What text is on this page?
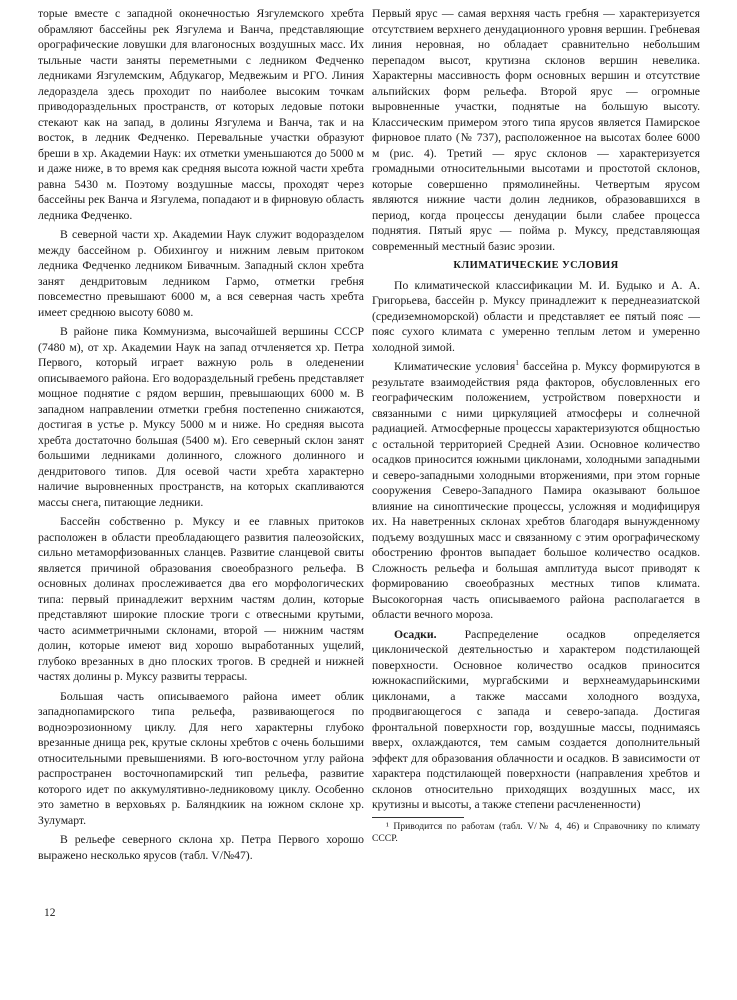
торые вместе с западной оконечностью Язгулемского хребта обрамляют бассейны рек Язгулема и Ванча, представляющие орографические ловушки для влагоносных воздушных масс. Их тыльные части заняты переметными с ледником Федченко ледниками Язгулемским, Абдукагор, Медвежьим и РГО. Линия ледораздела здесь проходит по наиболее высоким точкам приводораздельных пространств, от которых ледовые потоки стекают как на запад, в долины Язгулема и Ванча, так и на восток, в ледник Федченко. Перевальные участки образуют бреши в хр. Академии Наук: их отметки уменьшаются до 5000 м и даже ниже, в то время как средняя высота южной части хребта равна 5430 м. Поэтому воздушные массы, проходят через бассейны рек Ванча и Язгулема, попадают и в фирновую область ледника Федченко.

В северной части хр. Академии Наук служит водоразделом между бассейном р. Обихингоу и нижним левым притоком ледника Федченко ледником Бивачным. Западный склон хребта занят дендритовым ледником Гармо, отметки гребня повсеместно превышают 6000 м, а вся северная часть хребта имеет среднюю высоту 6080 м.

В районе пика Коммунизма, высочайшей вершины СССР (7480 м), от хр. Академии Наук на запад отчленяется хр. Петра Первого, который играет важную роль в оледенении описываемого района. Его водораздельный гребень представляет мощное поднятие с рядом вершин, превышающих 6000 м. В западном направлении отметки гребня постепенно снижаются, достигая в устье р. Муксу 5000 м и ниже. Но средняя высота хребта достаточно большая (5400 м). Его северный склон занят большими ледниками долинного, сложного долинного и дендритового типов. Для осевой части хребта характерно наличие выровненных пространств, на которых скапливаются массы снега, питающие ледники.

Бассейн собственно р. Муксу и ее главных притоков расположен в области преобладающего развития палеозойских, сильно метаморфизованных сланцев. Развитие сланцевой свиты является причиной образования своеобразного рельефа. В основных долинах прослеживается два его морфологических типа: первый принадлежит верхним частям долин, которые представляют широкие плоские троги с отвесными крутыми, часто асимметричными склонами, второй — нижним частям долин, которые имеют вид хорошо выработанных ущелий, глубоко врезанных в дно плоских трогов. В средней и нижней частях долины р. Муксу развиты террасы.

Большая часть описываемого района имеет облик западнопамирского типа рельефа, развивающегося по водноэрозионному циклу. Для него характерны глубоко врезанные днища рек, крутые склоны хребтов с очень большими относительными превышениями. В юго-восточном углу района распространен восточнопамирский тип рельефа, развитие которого идет по аккумулятивно-ледниковому циклу. Особенно это заметно в верховьях р. Баляндкиик на южном склоне хр. Зулумарт.

В рельефе северного склона хр. Петра Первого хорошо выражено несколько ярусов (табл. V/№47).

Первый ярус — самая верхняя часть гребня — характеризуется отсутствием верхнего денудационного уровня вершин. Гребневая линия неровная, но обладает сравнительно небольшим перепадом высот, крутизна склонов вершин невелика. Характерны массивность форм основных вершин и отсутствие альпийских форм рельефа. Второй ярус — огромные выровненные участки, поднятые на большую высоту. Классическим примером этого типа ярусов является Памирское фирновое плато (№ 737), расположенное на высотах более 6000 м (рис. 4). Третий — ярус склонов — характеризуется громадными относительными высотами и простотой склонов, которые совершенно прямолинейны. Четвертым ярусом являются нижние части долин ледников, образовавшихся в период, когда процессы денудации были слабее процесса поднятия. Пятый ярус — пойма р. Муксу, представляющая современный местный базис эрозии.

КЛИМАТИЧЕСКИЕ УСЛОВИЯ

По климатической классификации М. И. Будыко и А. А. Григорьева, бассейн р. Муксу принадлежит к переднеазиатской (средиземноморской) области и представляет ее пятый пояс — пояс сухого климата с умеренно теплым летом и умеренно холодной зимой.

Климатические условия$^1$ бассейна р. Муксу формируются в результате взаимодействия ряда факторов, обусловленных его географическим положением, устройством поверхности и связанными с ними циркуляцией атмосферы и солнечной радиацией. Атмосферные процессы характеризуются общностью с остальной территорией Средней Азии. Основное количество осадков приносится южными циклонами, холодными западными и северо-западными холодными вторжениями, при этом горные сооружения Северо-Западного Памира оказывают большое влияние на синоптические процессы, усложняя и модифицируя их. На наветренных склонах хребтов благодаря вынужденному подъему воздушных масс и связанному с этим орографическому обострению фронтов выпадает большое количество осадков. Сложность рельефа и большая амплитуда высот приводят к формированию своеобразных местных типов климата. Высокогорная часть описываемого района располагается в области вечного мороза.

Осадки. Распределение осадков определяется циклонической деятельностью и характером подстилающей поверхности. Основное количество осадков приносится южнокаспийскими, мургабскими и верхнеамударьинскими циклонами, а также массами холодного воздуха, продвигающегося с запада и северо-запада. Достигая фронтальной поверхности гор, воздушные массы, поднимаясь вверх, охлаждаются, тем самым создается дополнительный эффект для образования облачности и осадков. В зависимости от характера подстилающей поверхности (направления хребтов и склонов относительно приходящих воздушных масс, их крутизны и высоты, а также степени расчлененности)

¹ Приводится по работам (табл. V/№ 4, 46) и Справочнику по климату СССР.

12
